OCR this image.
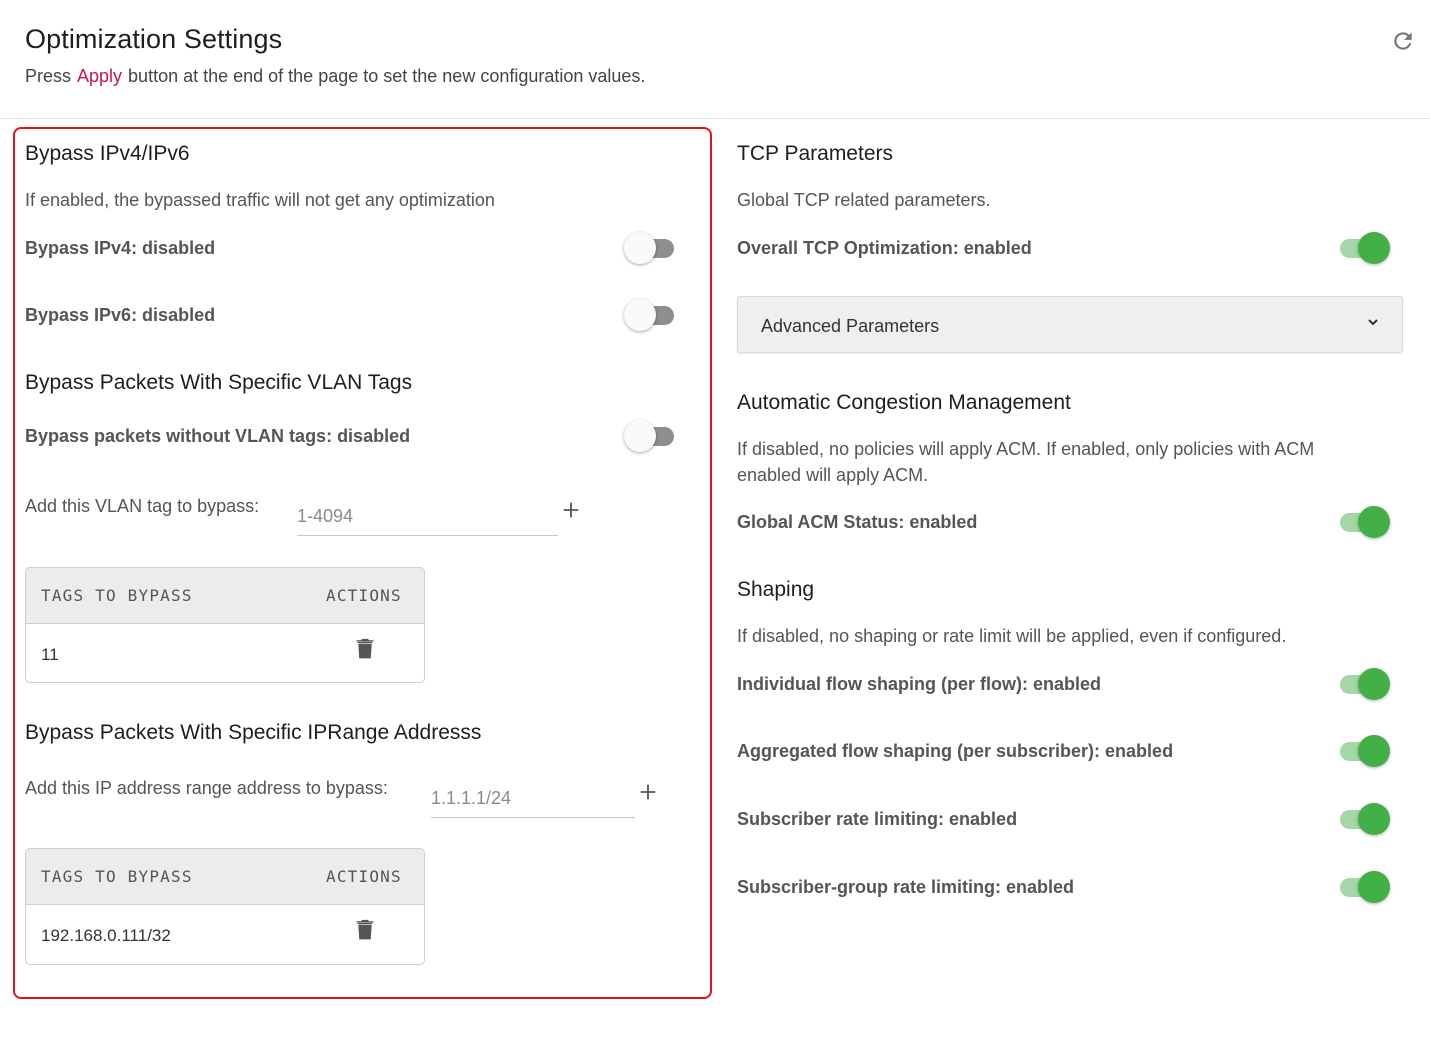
Optimization Settings
Press Apply button at the end of the page to set the new configuration values.
Bypass IPv4/IPv6
If enabled, the bypassed traffic will not get any optimization
Bypass IPv4: disabled
Bypass IPv6: disabled
Bypass Packets With Specific VLAN Tags
Bypass packets without VLAN tags: disabled
Add this VLAN tag to bypass:
1-4094
TAGS TO BYPASS	ACTIONS
11
Bypass Packets With Specific IPRange Addresss
Add this IP address range address to bypass:
1.1.1.1/24
TAGS TO BYPASS	ACTIONS
192.168.0.111/32
TCP Parameters
Global TCP related parameters.
Overall TCP Optimization: enabled
Advanced Parameters
Automatic Congestion Management
If disabled, no policies will apply ACM. If enabled, only policies with ACM
enabled will apply ACM.
Global ACM Status: enabled
Shaping
If disabled, no shaping or rate limit will be applied, even if configured.
Individual flow shaping (per flow): enabled
Aggregated flow shaping (per subscriber): enabled
Subscriber rate limiting: enabled
Subscriber-group rate limiting: enabled
